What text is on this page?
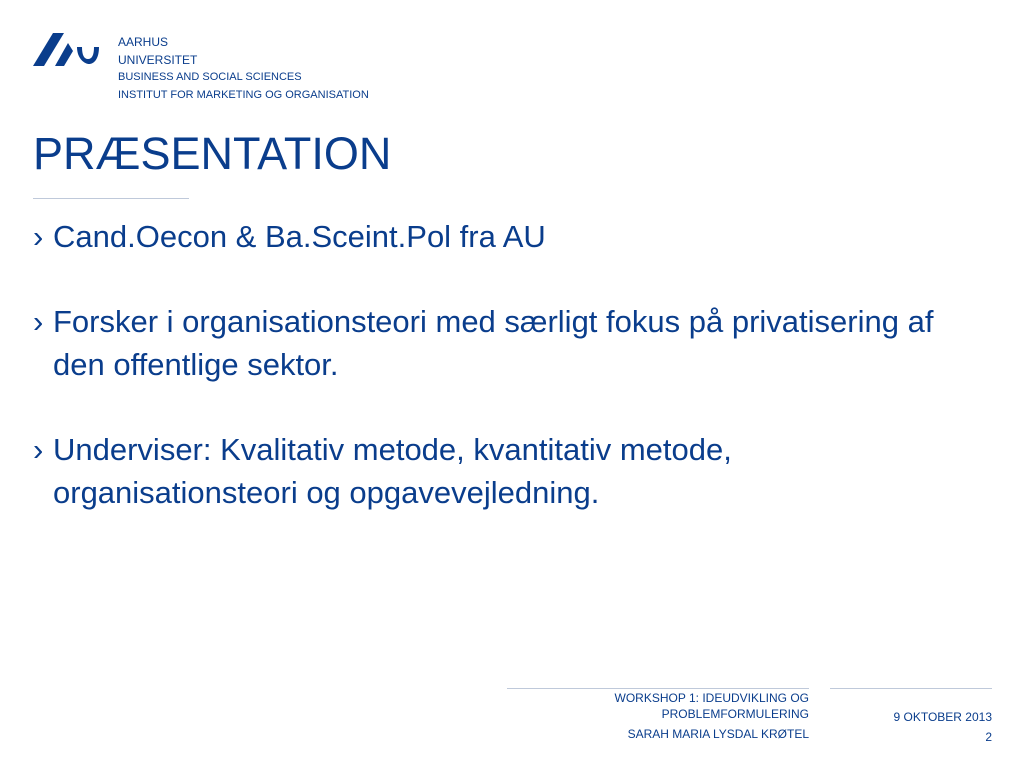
AARHUS
UNIVERSITET
BUSINESS AND SOCIAL SCIENCES
INSTITUT FOR MARKETING OG ORGANISATION
PRÆSENTATION
› Cand.Oecon & Ba.Sceint.Pol fra AU
› Forsker i organisationsteori med særligt fokus på privatisering af den offentlige sektor.
› Underviser: Kvalitativ metode, kvantitativ metode, organisationsteori og opgavevejledning.
WORKSHOP 1: IDEUDVIKLING OG PROBLEMFORMULERING
SARAH MARIA LYSDAL KRØTEL
9 OKTOBER 2013
2
